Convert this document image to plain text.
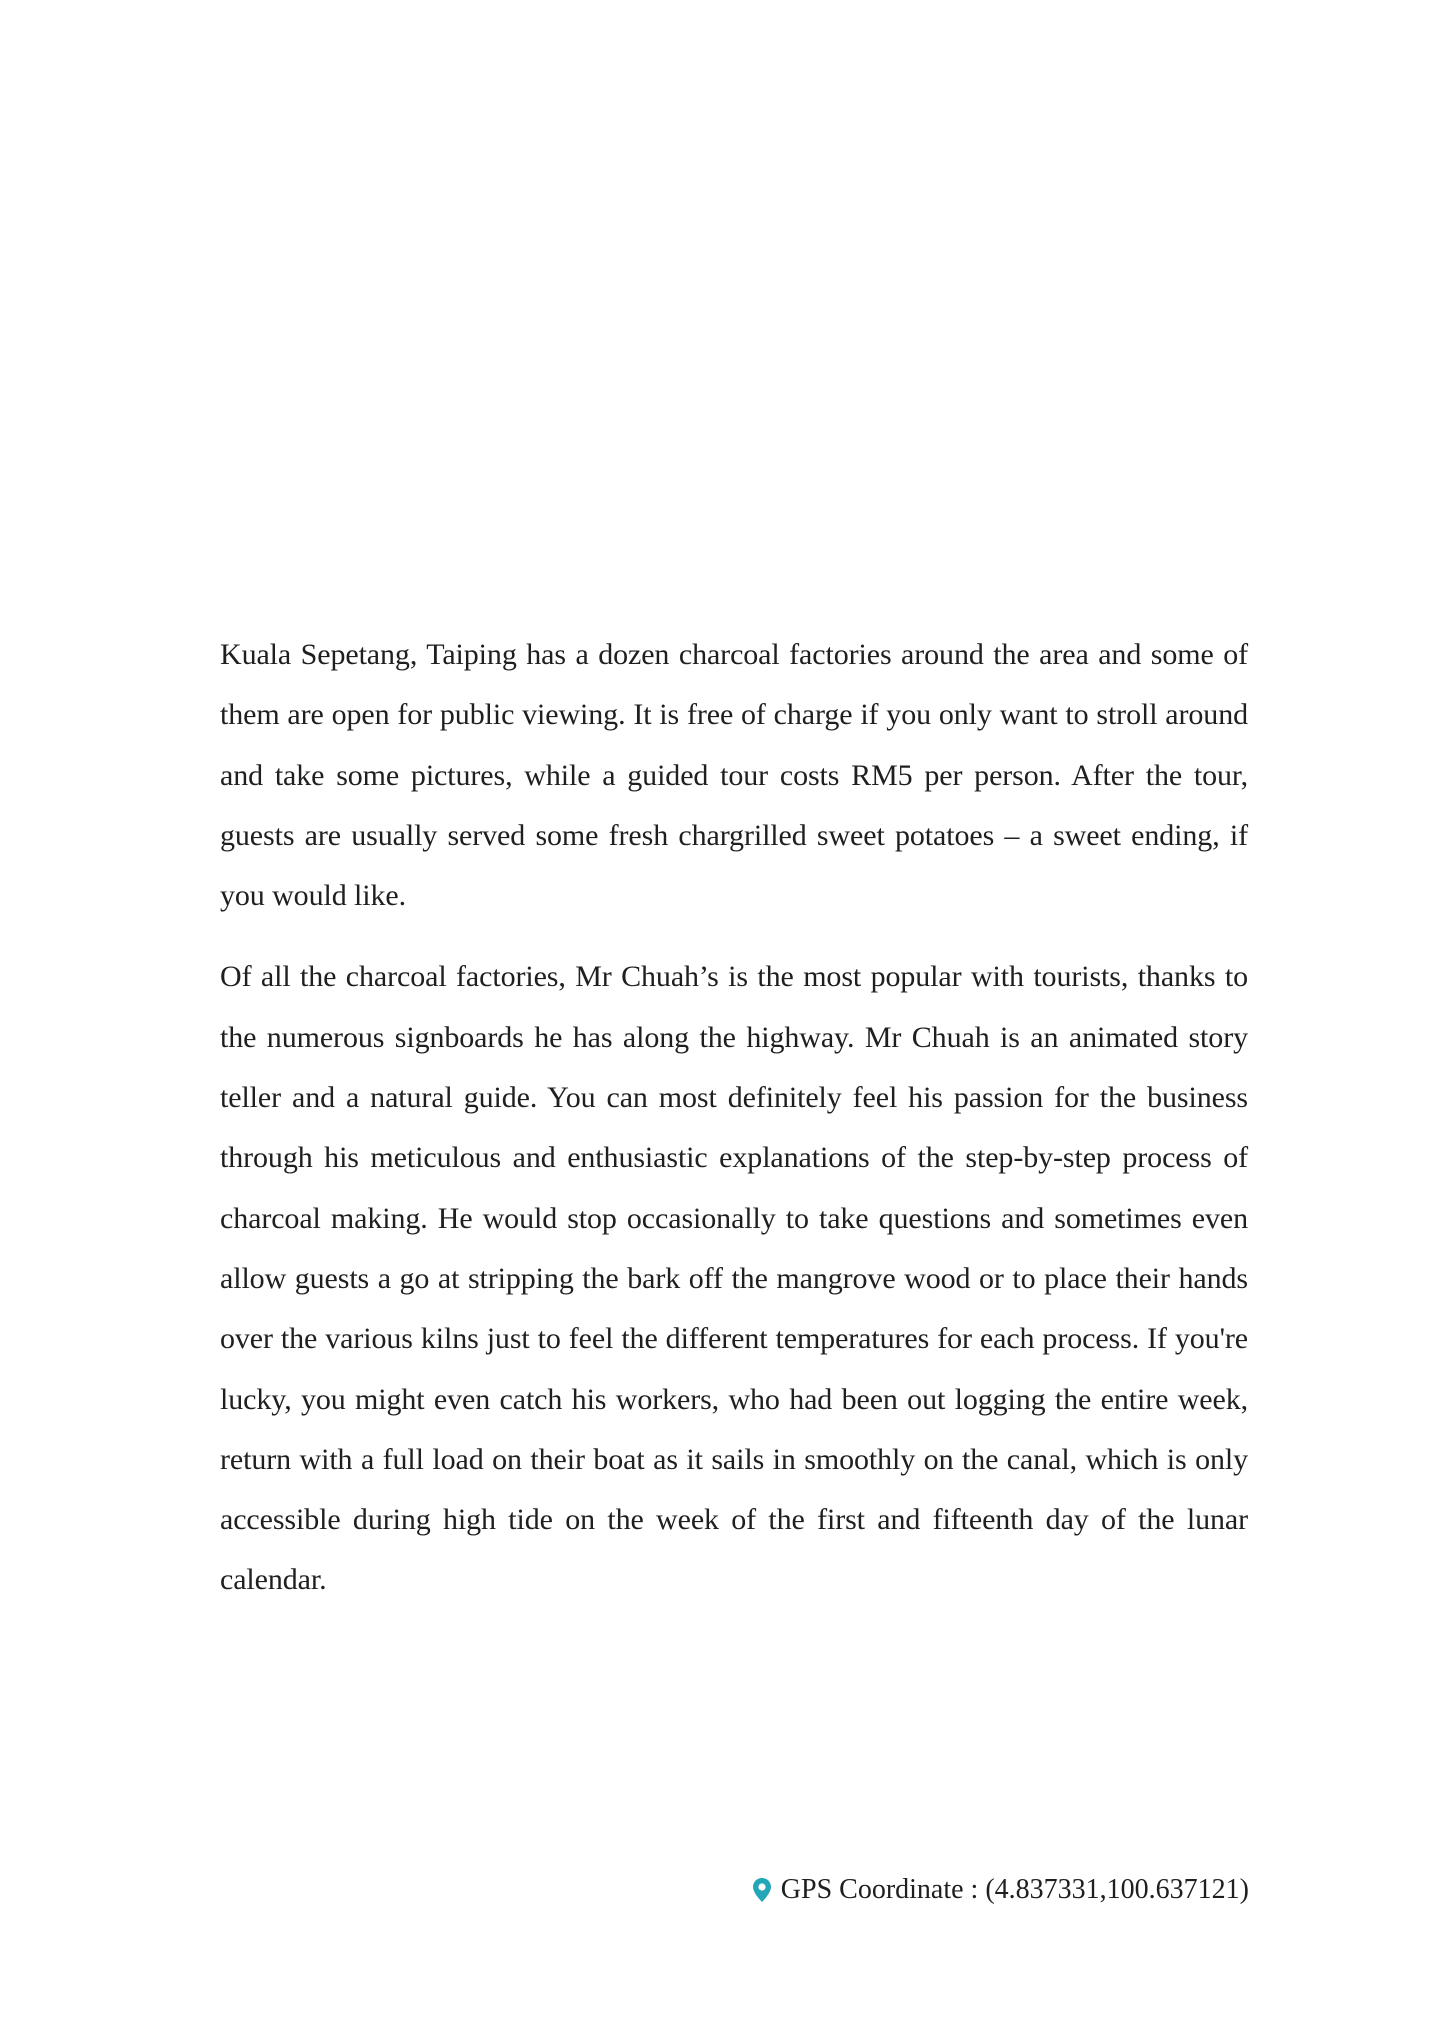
Kuala Sepetang, Taiping has a dozen charcoal factories around the area and some of them are open for public viewing. It is free of charge if you only want to stroll around and take some pictures, while a guided tour costs RM5 per person. After the tour, guests are usually served some fresh chargrilled sweet potatoes – a sweet ending, if you would like.

Of all the charcoal factories, Mr Chuah’s is the most popular with tourists, thanks to the numerous signboards he has along the highway. Mr Chuah is an animated story teller and a natural guide. You can most definitely feel his passion for the business through his meticulous and enthusiastic explanations of the step-by-step process of charcoal making. He would stop occasionally to take questions and sometimes even allow guests a go at stripping the bark off the mangrove wood or to place their hands over the various kilns just to feel the different temperatures for each process. If you're lucky, you might even catch his workers, who had been out logging the entire week, return with a full load on their boat as it sails in smoothly on the canal, which is only accessible during high tide on the week of the first and fifteenth day of the lunar calendar.

GPS Coordinate : (4.837331,100.637121)
